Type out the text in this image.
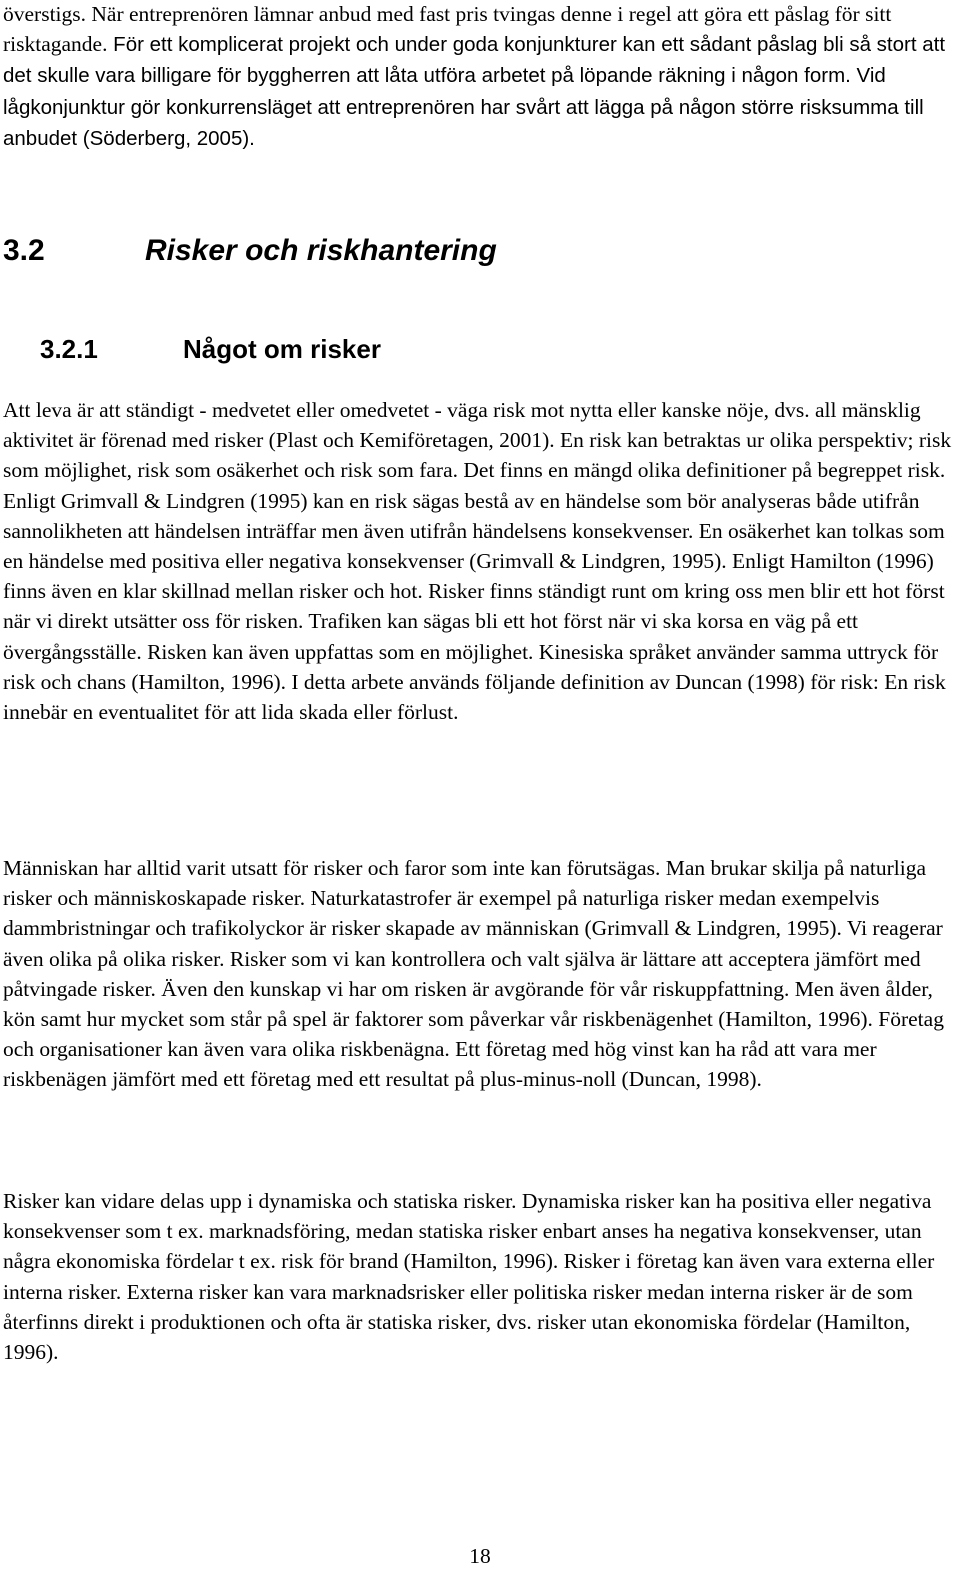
överstigs. När entreprenören lämnar anbud med fast pris tvingas denne i regel att göra ett påslag för sitt risktagande. För ett komplicerat projekt och under goda konjunkturer kan ett sådant påslag bli så stort att det skulle vara billigare för byggherren att låta utföra arbetet på löpande räkning i någon form. Vid lågkonjunktur gör konkurrensläget att entreprenören har svårt att lägga på någon större risksumma till anbudet (Söderberg, 2005).

3.2	Risker och riskhantering
3.2.1	Något om risker

Att leva är att ständigt - medvetet eller omedvetet - väga risk mot nytta eller kanske nöje, dvs. all mänsklig aktivitet är förenad med risker (Plast och Kemiföretagen, 2001). En risk kan betraktas ur olika perspektiv; risk som möjlighet, risk som osäkerhet och risk som fara. Det finns en mängd olika definitioner på begreppet risk. Enligt Grimvall & Lindgren (1995) kan en risk sägas bestå av en händelse som bör analyseras både utifrån sannolikheten att händelsen inträffar men även utifrån händelsens konsekvenser. En osäkerhet kan tolkas som en händelse med positiva eller negativa konsekvenser (Grimvall & Lindgren, 1995). Enligt Hamilton (1996) finns även en klar skillnad mellan risker och hot. Risker finns ständigt runt om kring oss men blir ett hot först när vi direkt utsätter oss för risken. Trafiken kan sägas bli ett hot först när vi ska korsa en väg på ett övergångsställe. Risken kan även uppfattas som en möjlighet. Kinesiska språket använder samma uttryck för risk och chans (Hamilton, 1996). I detta arbete används följande definition av Duncan (1998) för risk: En risk innebär en eventualitet för att lida skada eller förlust.

Människan har alltid varit utsatt för risker och faror som inte kan förutsägas. Man brukar skilja på naturliga risker och människoskapade risker. Naturkatastrofer är exempel på naturliga risker medan exempelvis dammbristningar och trafikolyckor är risker skapade av människan (Grimvall & Lindgren, 1995). Vi reagerar även olika på olika risker. Risker som vi kan kontrollera och valt själva är lättare att acceptera jämfört med påtvingade risker. Även den kunskap vi har om risken är avgörande för vår riskuppfattning. Men även ålder, kön samt hur mycket som står på spel är faktorer som påverkar vår riskbenägenhet (Hamilton, 1996). Företag och organisationer kan även vara olika riskbenägna. Ett företag med hög vinst kan ha råd att vara mer riskbenägen jämfört med ett företag med ett resultat på plus-minus-noll (Duncan, 1998).

Risker kan vidare delas upp i dynamiska och statiska risker. Dynamiska risker kan ha positiva eller negativa konsekvenser som t ex. marknadsföring, medan statiska risker enbart anses ha negativa konsekvenser, utan några ekonomiska fördelar t ex. risk för brand (Hamilton, 1996). Risker i företag kan även vara externa eller interna risker. Externa risker kan vara marknadsrisker eller politiska risker medan interna risker är de som återfinns direkt i produktionen och ofta är statiska risker, dvs. risker utan ekonomiska fördelar (Hamilton, 1996).

18
